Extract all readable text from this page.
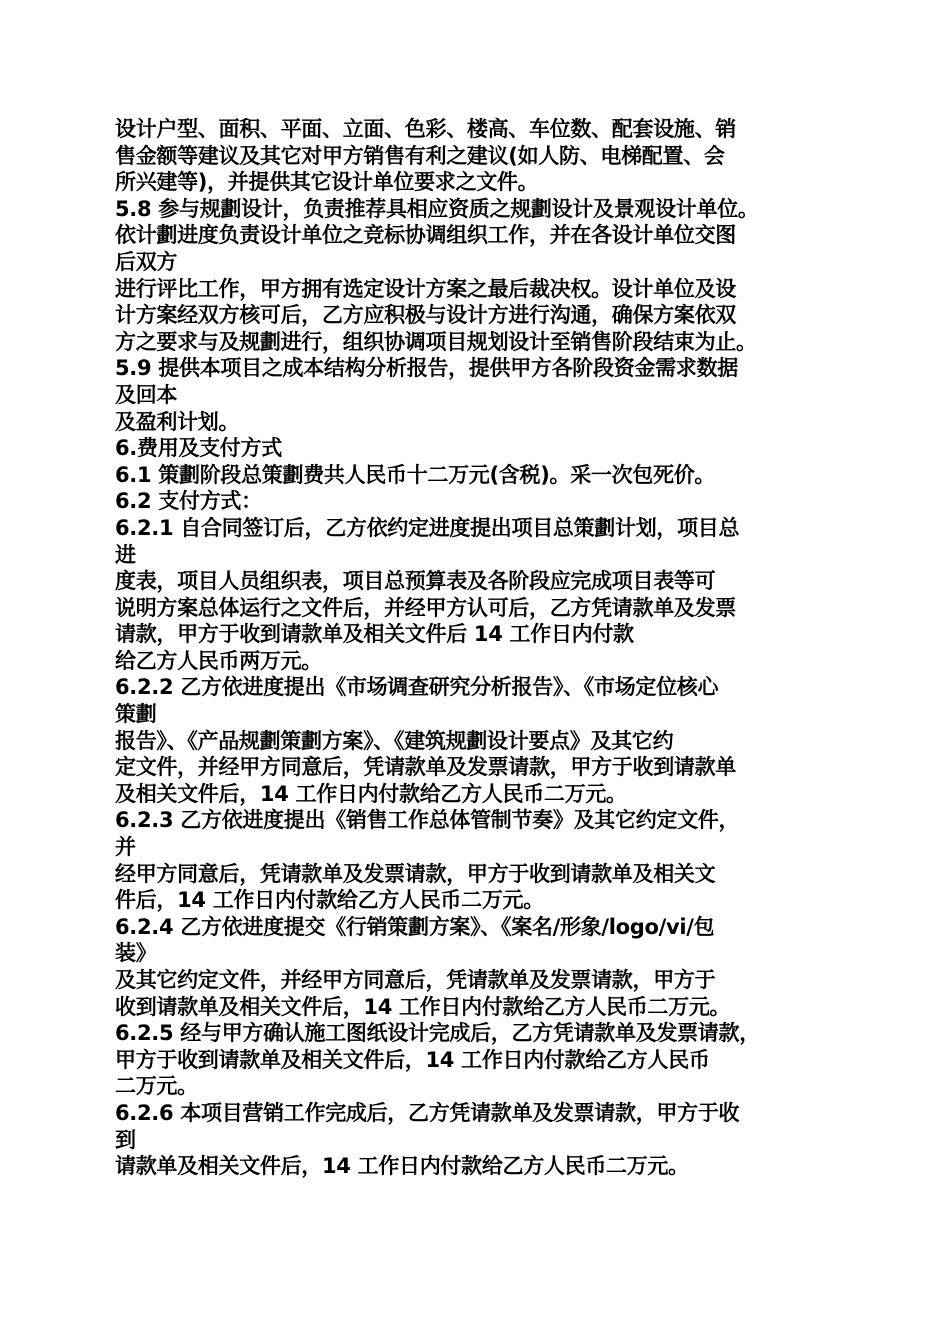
设计户型、面积、平面、立面、色彩、楼高、车位数、配套设施、销
售金额等建议及其它对甲方销售有利之建议(如人防、电梯配置、会
所兴建等)，并提供其它设计单位要求之文件。
5.8 参与规劃设计，负责推荐具相应资质之规劃设计及景观设计单位。
依计劃进度负责设计单位之竞标协调组织工作，并在各设计单位交图
后双方
进行评比工作，甲方拥有选定设计方案之最后裁决权。设计单位及设
计方案经双方核可后，乙方应积极与设计方进行沟通，确保方案依双
方之要求与及规劃进行，组织协调项目规划设计至销售阶段结束为止。
5.9 提供本项目之成本结构分析报告，提供甲方各阶段资金需求数据
及回本
及盈利计划。
6.费用及支付方式
6.1 策劃阶段总策劃费共人民币十二万元(含税)。采一次包死价。
6.2 支付方式：
6.2.1 自合同签订后，乙方依约定进度提出项目总策劃计划，项目总
进
度表，项目人员组织表，项目总预算表及各阶段应完成项目表等可
说明方案总体运行之文件后，并经甲方认可后，乙方凭请款单及发票
请款，甲方于收到请款单及相关文件后 14 工作日内付款
给乙方人民币两万元。
6.2.2 乙方依进度提出《市场调查研究分析报告》、《市场定位核心
策劃
报告》、《产品规劃策劃方案》、《建筑规劃设计要点》及其它约
定文件，并经甲方同意后，凭请款单及发票请款，甲方于收到请款单
及相关文件后，14 工作日内付款给乙方人民币二万元。
6.2.3 乙方依进度提出《销售工作总体管制节奏》及其它约定文件，
并
经甲方同意后，凭请款单及发票请款，甲方于收到请款单及相关文
件后，14 工作日内付款给乙方人民币二万元。
6.2.4 乙方依进度提交《行销策劃方案》、《案名/形象/logo/vi/包
装》
及其它约定文件，并经甲方同意后，凭请款单及发票请款，甲方于
收到请款单及相关文件后，14 工作日内付款给乙方人民币二万元。
6.2.5 经与甲方确认施工图纸设计完成后，乙方凭请款单及发票请款，
甲方于收到请款单及相关文件后，14 工作日内付款给乙方人民币
二万元。
6.2.6 本项目营销工作完成后，乙方凭请款单及发票请款，甲方于收
到
请款单及相关文件后，14 工作日内付款给乙方人民币二万元。
